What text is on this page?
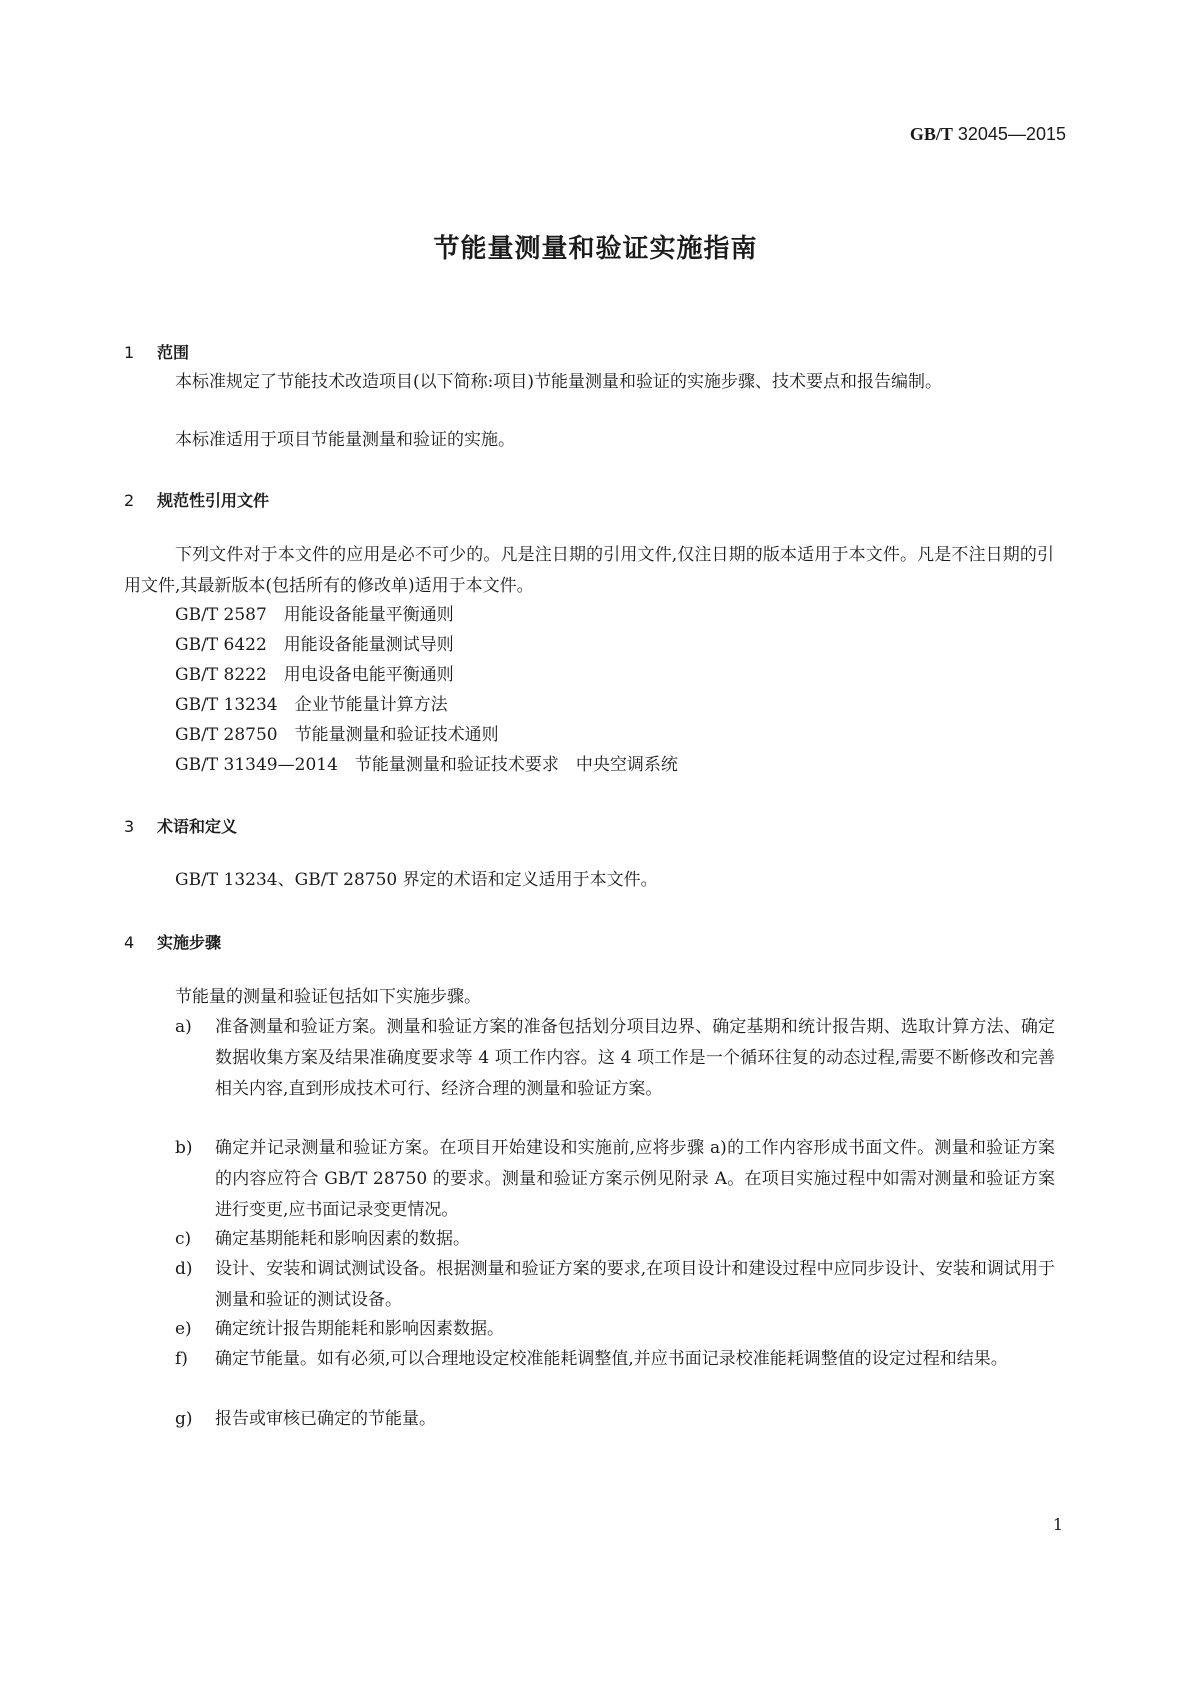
GB/T 32045—2015
节能量测量和验证实施指南
1 范围
本标准规定了节能技术改造项目(以下简称:项目)节能量测量和验证的实施步骤、技术要点和报告编制。
本标准适用于项目节能量测量和验证的实施。
2 规范性引用文件
下列文件对于本文件的应用是必不可少的。凡是注日期的引用文件,仅注日期的版本适用于本文件。凡是不注日期的引用文件,其最新版本(包括所有的修改单)适用于本文件。
GB/T 2587　用能设备能量平衡通则
GB/T 6422　用能设备能量测试导则
GB/T 8222　用电设备电能平衡通则
GB/T 13234　企业节能量计算方法
GB/T 28750　节能量测量和验证技术通则
GB/T 31349—2014　节能量测量和验证技术要求　中央空调系统
3 术语和定义
GB/T 13234、GB/T 28750 界定的术语和定义适用于本文件。
4 实施步骤
节能量的测量和验证包括如下实施步骤。
a) 准备测量和验证方案。测量和验证方案的准备包括划分项目边界、确定基期和统计报告期、选取计算方法、确定数据收集方案及结果准确度要求等 4 项工作内容。这 4 项工作是一个循环往复的动态过程,需要不断修改和完善相关内容,直到形成技术可行、经济合理的测量和验证方案。
b) 确定并记录测量和验证方案。在项目开始建设和实施前,应将步骤 a)的工作内容形成书面文件。测量和验证方案的内容应符合 GB/T 28750 的要求。测量和验证方案示例见附录 A。在项目实施过程中如需对测量和验证方案进行变更,应书面记录变更情况。
c) 确定基期能耗和影响因素的数据。
d) 设计、安装和调试测试设备。根据测量和验证方案的要求,在项目设计和建设过程中应同步设计、安装和调试用于测量和验证的测试设备。
e) 确定统计报告期能耗和影响因素数据。
f) 确定节能量。如有必须,可以合理地设定校准能耗调整值,并应书面记录校准能耗调整值的设定过程和结果。
g) 报告或审核已确定的节能量。
1
